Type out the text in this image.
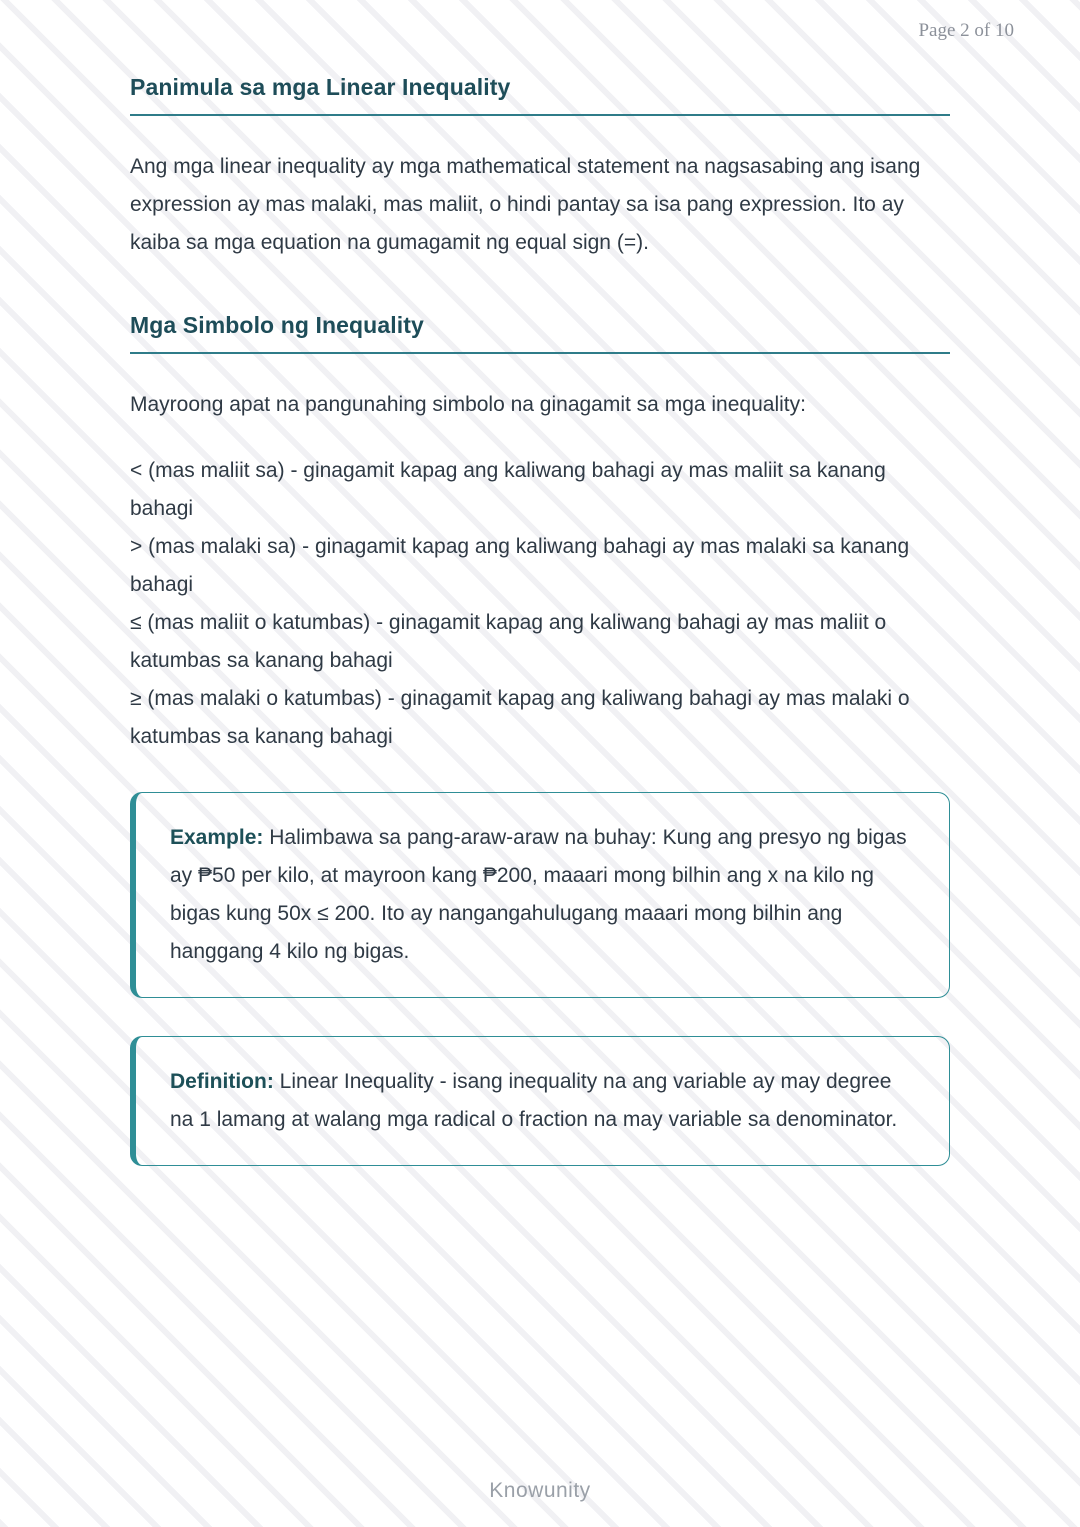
Page 2 of 10
Panimula sa mga Linear Inequality

Ang mga linear inequality ay mga mathematical statement na nagsasabing ang isang expression ay mas malaki, mas maliit, o hindi pantay sa isa pang expression. Ito ay kaiba sa mga equation na gumagamit ng equal sign (=).

Mga Simbolo ng Inequality

Mayroong apat na pangunahing simbolo na ginagamit sa mga inequality:

< (mas maliit sa) - ginagamit kapag ang kaliwang bahagi ay mas maliit sa kanang bahagi
> (mas malaki sa) - ginagamit kapag ang kaliwang bahagi ay mas malaki sa kanang bahagi
≤ (mas maliit o katumbas) - ginagamit kapag ang kaliwang bahagi ay mas maliit o katumbas sa kanang bahagi
≥ (mas malaki o katumbas) - ginagamit kapag ang kaliwang bahagi ay mas malaki o katumbas sa kanang bahagi

Example: Halimbawa sa pang-araw-araw na buhay: Kung ang presyo ng bigas ay ₱50 per kilo, at mayroon kang ₱200, maaari mong bilhin ang x na kilo ng bigas kung 50x ≤ 200. Ito ay nangangahulugang maaari mong bilhin ang hanggang 4 kilo ng bigas.

Definition: Linear Inequality - isang inequality na ang variable ay may degree na 1 lamang at walang mga radical o fraction na may variable sa denominator.

Knowunity
